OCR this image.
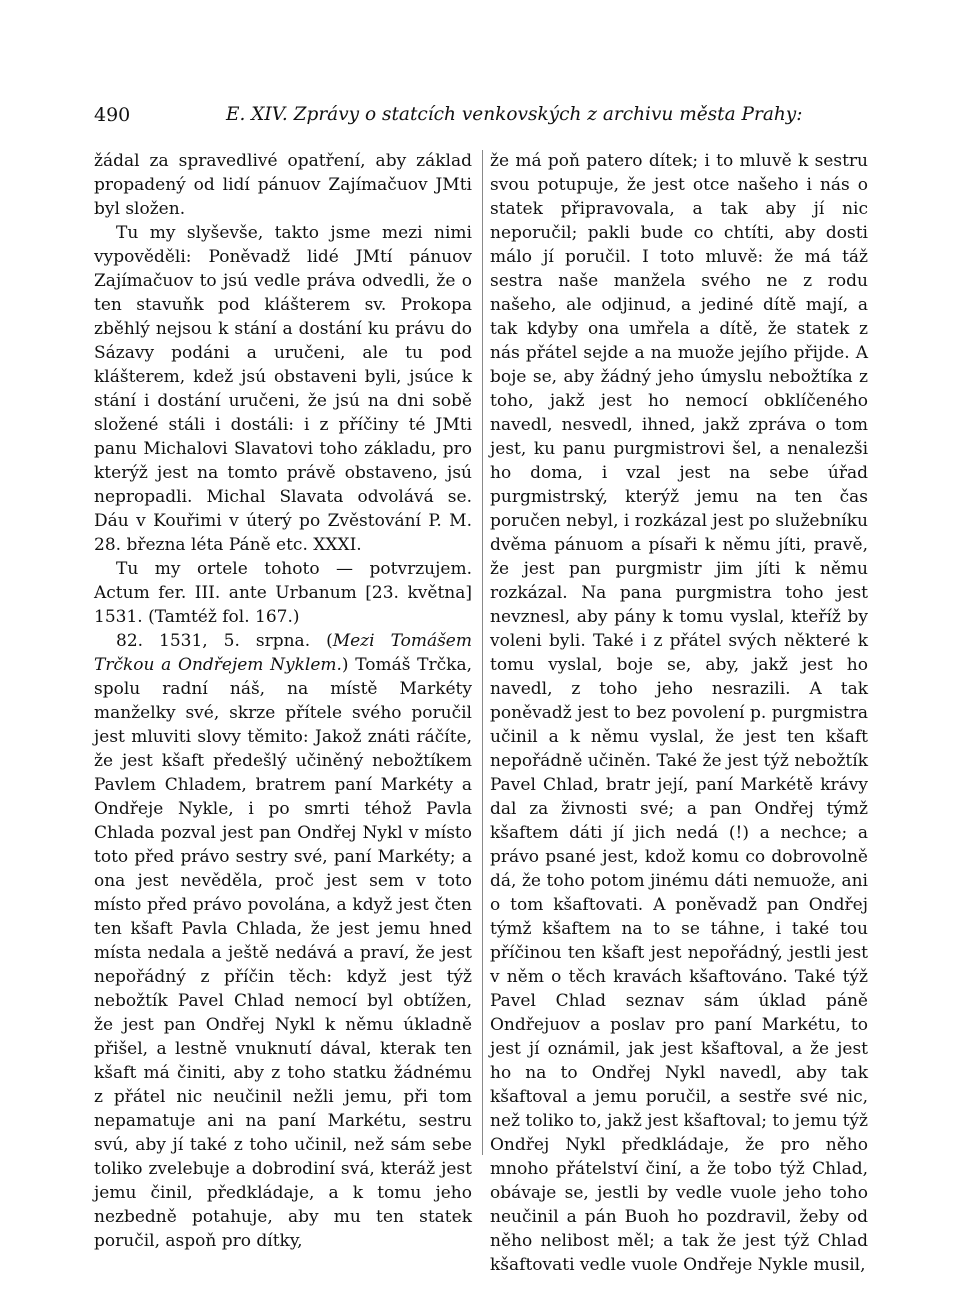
490	E. XIV. Zprávy o statcích venkovských z archivu města Prahy:

žádal za spravedlivé opatření, aby základ propadený od lidí pánuov Zajímačuov JMti byl složen.

Tu my slyševše, takto jsme mezi nimi vypověděli: Poněvadž lidé JMtí pánuov Zajímačuov to jsú vedle práva odvedli, že o ten stavuňk pod klášterem sv. Prokopa zběhlý nejsou k stání a dostání ku právu do Sázavy podáni a uručeni, ale tu pod klášterem, kdež jsú obstaveni byli, jsúce k stání i dostání uručeni, že jsú na dni sobě složené stáli i dostáli: i z příčiny té JMti panu Michalovi Slavatovi toho základu, pro kterýž jest na tomto právě obstaveno, jsú nepropadli. Michal Slavata odvolává se. Dáu v Kouřimi v úterý po Zvěstování P. M. 28. března léta Páně etc. XXXI.

Tu my ortele tohoto — potvrzujem. Actum fer. III. ante Urbanum [23. května] 1531. (Tamtéž fol. 167.)

82. 1531, 5. srpna. (Mezi Tomášem Trčkou a Ondřejem Nyklem.) Tomáš Trčka, spolu radní náš, na místě Markéty manželky své, skrze přítele svého poručil jest mluviti slovy těmito: Jakož znáti ráčíte, že jest kšaft předešlý učiněný nebožtíkem Pavlem Chladem, bratrem paní Markéty a Ondřeje Nykle, i po smrti téhož Pavla Chlada pozval jest pan Ondřej Nykl v místo toto před právo sestry své, paní Markéty; a ona jest nevěděla, proč jest sem v toto místo před právo povolána, a když jest čten ten kšaft Pavla Chlada, že jest jemu hned místa nedala a ještě nedává a praví, že jest nepořádný z příčin těch: když jest týž nebožtík Pavel Chlad nemocí byl obtížen, že jest pan Ondřej Nykl k němu úkladně přišel, a lestně vnuknutí dával, kterak ten kšaft má činiti, aby z toho statku žádnému z přátel nic neučinil nežli jemu, při tom nepamatuje ani na paní Markétu, sestru svú, aby jí také z toho učinil, než sám sebe toliko zvelebuje a dobrodiní svá, kteráž jest jemu činil, předkládaje, a k tomu jeho nezbedně potahuje, aby mu ten statek poručil, aspoň pro dítky,

že má poň patero dítek; i to mluvě k sestru svou potupuje, že jest otce našeho i nás o statek připravovala, a tak aby jí nic neporučil; pakli bude co chtíti, aby dosti málo jí poručil. I toto mluvě: že má táž sestra naše manžela svého ne z rodu našeho, ale odjinud, a jediné dítě mají, a tak kdyby ona umřela a dítě, že statek z nás přátel sejde a na muože jejího přijde. A boje se, aby žádný jeho úmyslu nebožtíka z toho, jakž jest ho nemocí obklíčeného navedl, nesvedl, ihned, jakž zpráva o tom jest, ku panu purgmistrovi šel, a nenalezši ho doma, i vzal jest na sebe úřad purgmistrský, kterýž jemu na ten čas poručen nebyl, i rozkázal jest po služebníku dvěma pánuom a písaři k němu jíti, pravě, že jest pan purgmistr jim jíti k němu rozkázal. Na pana purgmistra toho jest nevznesl, aby pány k tomu vyslal, kteříž by voleni byli. Také i z přátel svých některé k tomu vyslal, boje se, aby, jakž jest ho navedl, z toho jeho nesrazili. A tak poněvadž jest to bez povolení p. purgmistra učinil a k němu vyslal, že jest ten kšaft nepořádně učiněn. Také že jest týž nebožtík Pavel Chlad, bratr její, paní Markétě krávy dal za živnosti své; a pan Ondřej týmž kšaftem dáti jí jich nedá (!) a nechce; a právo psané jest, kdož komu co dobrovolně dá, že toho potom jinému dáti nemuože, ani o tom kšaftovati. A poněvadž pan Ondřej týmž kšaftem na to se táhne, i také tou příčinou ten kšaft jest nepořádný, jestli jest v něm o těch kravách kšaftováno. Také týž Pavel Chlad seznav sám úklad páně Ondřejuov a poslav pro paní Markétu, to jest jí oznámil, jak jest kšaftoval, a že jest ho na to Ondřej Nykl navedl, aby tak kšaftoval a jemu poručil, a sestře své nic, než toliko to, jakž jest kšaftoval; to jemu týž Ondřej Nykl předkládaje, že pro něho mnoho přátelství činí, a že tobo týž Chlad, obávaje se, jestli by vedle vuole jeho toho neučinil a pán Buoh ho pozdravil, žeby od něho nelibost měl; a tak že jest týž Chlad kšaftovati vedle vuole Ondřeje Nykle musil,
